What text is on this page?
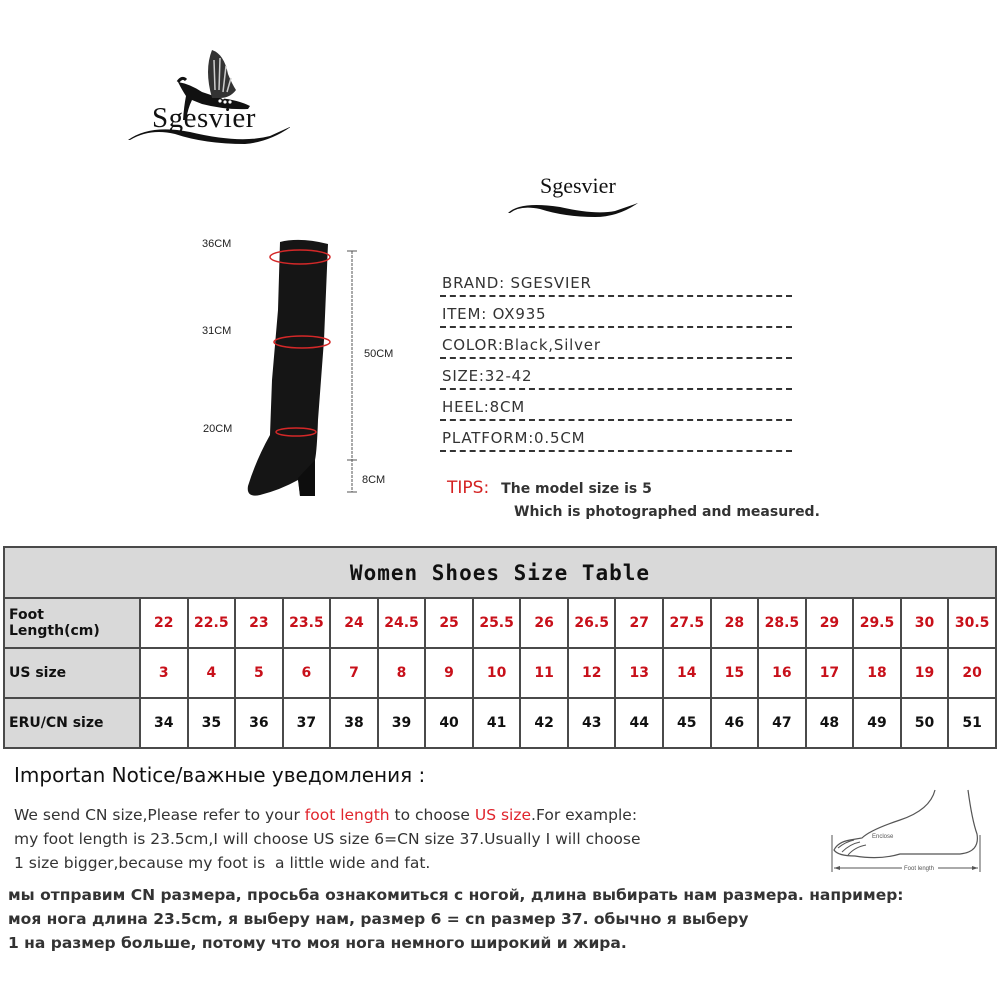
Sgesvier
Sgesvier
36CM
31CM
20CM
50CM
8CM
BRAND: SGESVIER
ITEM: OX935
COLOR:Black,Silver
SIZE:32-42
HEEL:8CM
PLATFORM:0.5CM
TIPS: The model size is 5
Which is photographed and measured.
Women Shoes Size Table																		
Foot Length(cm)	22	22.5	23	23.5	24	24.5	25	25.5	26	26.5	27	27.5	28	28.5	29	29.5	30	30.5
US size	3	4	5	6	7	8	9	10	11	12	13	14	15	16	17	18	19	20
ERU/CN size	34	35	36	37	38	39	40	41	42	43	44	45	46	47	48	49	50	51
Importan Notice/важные уведомления :
We send CN size,Please refer to your foot length to choose US size.For example:
my foot length is 23.5cm,I will choose US size 6=CN size 37.Usually I will choose
1 size bigger,because my foot is  a little wide and fat.
мы отправим CN размера, просьба ознакомиться с ногой, длина выбирать нам размера. например:
моя нога длина 23.5cm, я выберу нам, размер 6 = cn размер 37. обычно я выберу
1 на размер больше, потому что моя нога немного широкий и жира.
Enclose
Foot length
